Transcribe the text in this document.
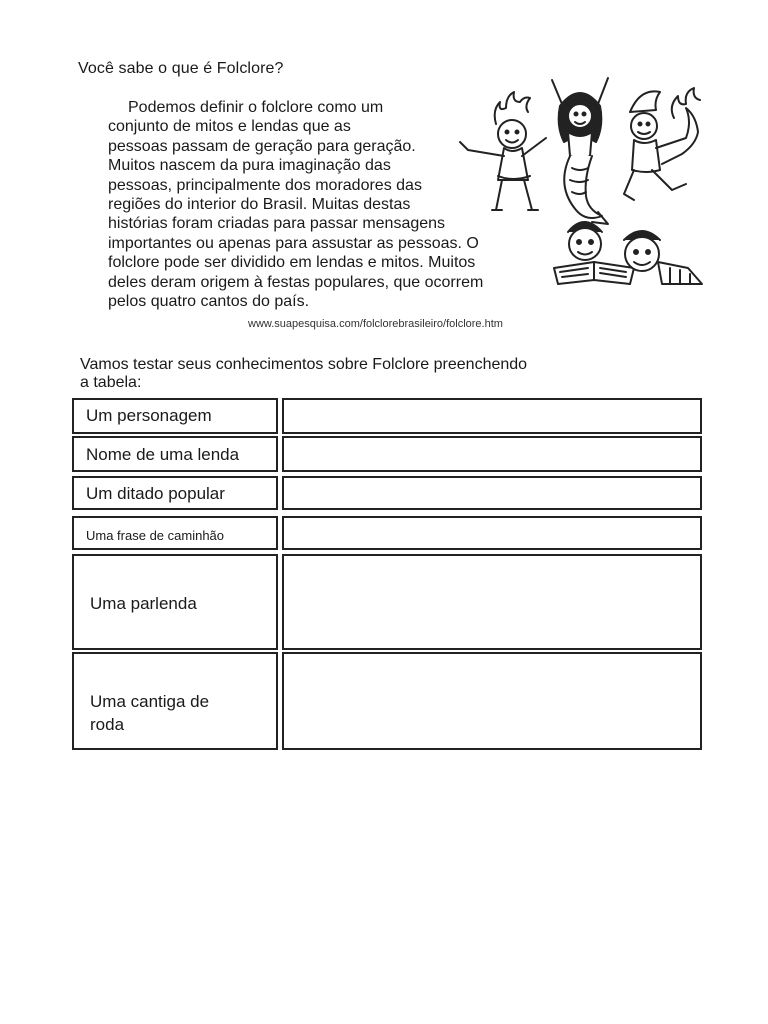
Você sabe o que é Folclore?
Podemos definir o folclore como um
conjunto de mitos e lendas que as
pessoas passam de geração para geração.
Muitos nascem da pura imaginação das
pessoas, principalmente dos moradores das
regiões do interior do Brasil. Muitas destas
histórias foram criadas para passar mensagens
importantes ou apenas para assustar as pessoas. O
folclore pode ser dividido em lendas e mitos. Muitos
deles deram origem à festas populares, que ocorrem
pelos quatro cantos do país.
www.suapesquisa.com/folclorebrasileiro/folclore.htm
Vamos testar seus conhecimentos sobre Folclore preenchendo
a tabela:
Um personagem
Nome de uma lenda
Um ditado popular
Uma frase de caminhão
Uma parlenda
Uma cantiga de
roda
